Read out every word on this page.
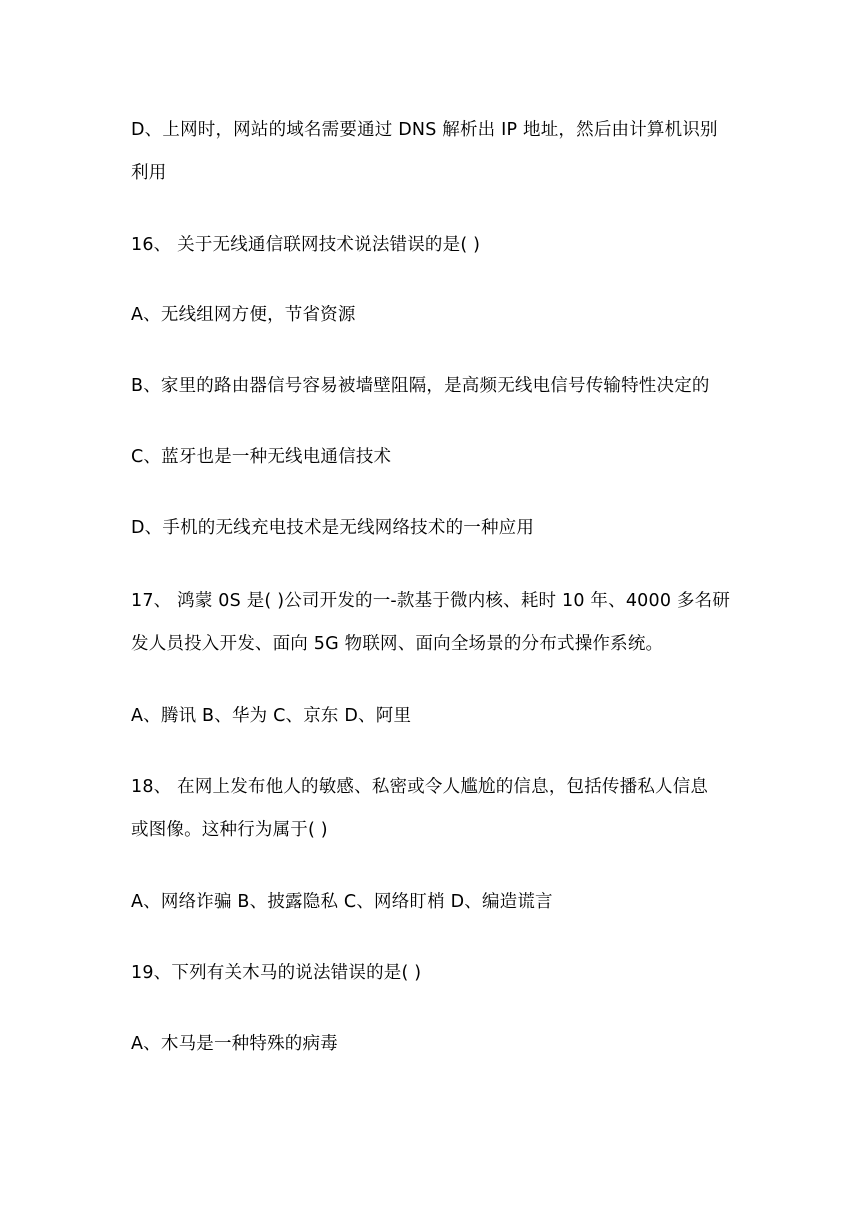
D、上网时，网站的域名需要通过 DNS 解析出 IP 地址，然后由计算机识别
利用
16、 关于无线通信联网技术说法错误的是( )
A、无线组网方便，节省资源
B、家里的路由器信号容易被墙壁阻隔，是高频无线电信号传输特性决定的
C、蓝牙也是一种无线电通信技术
D、手机的无线充电技术是无线网络技术的一种应用
17、 鸿蒙 0S 是( )公司开发的一-款基于微内核、耗时 10 年、4000 多名研
发人员投入开发、面向 5G 物联网、面向全场景的分布式操作系统。
A、腾讯 B、华为 C、京东 D、阿里
18、 在网上发布他人的敏感、私密或令人尴尬的信息，包括传播私人信息
或图像。这种行为属于( )
A、网络诈骗 B、披露隐私 C、网络盯梢 D、编造谎言
19、下列有关木马的说法错误的是( )
A、木马是一种特殊的病毒
